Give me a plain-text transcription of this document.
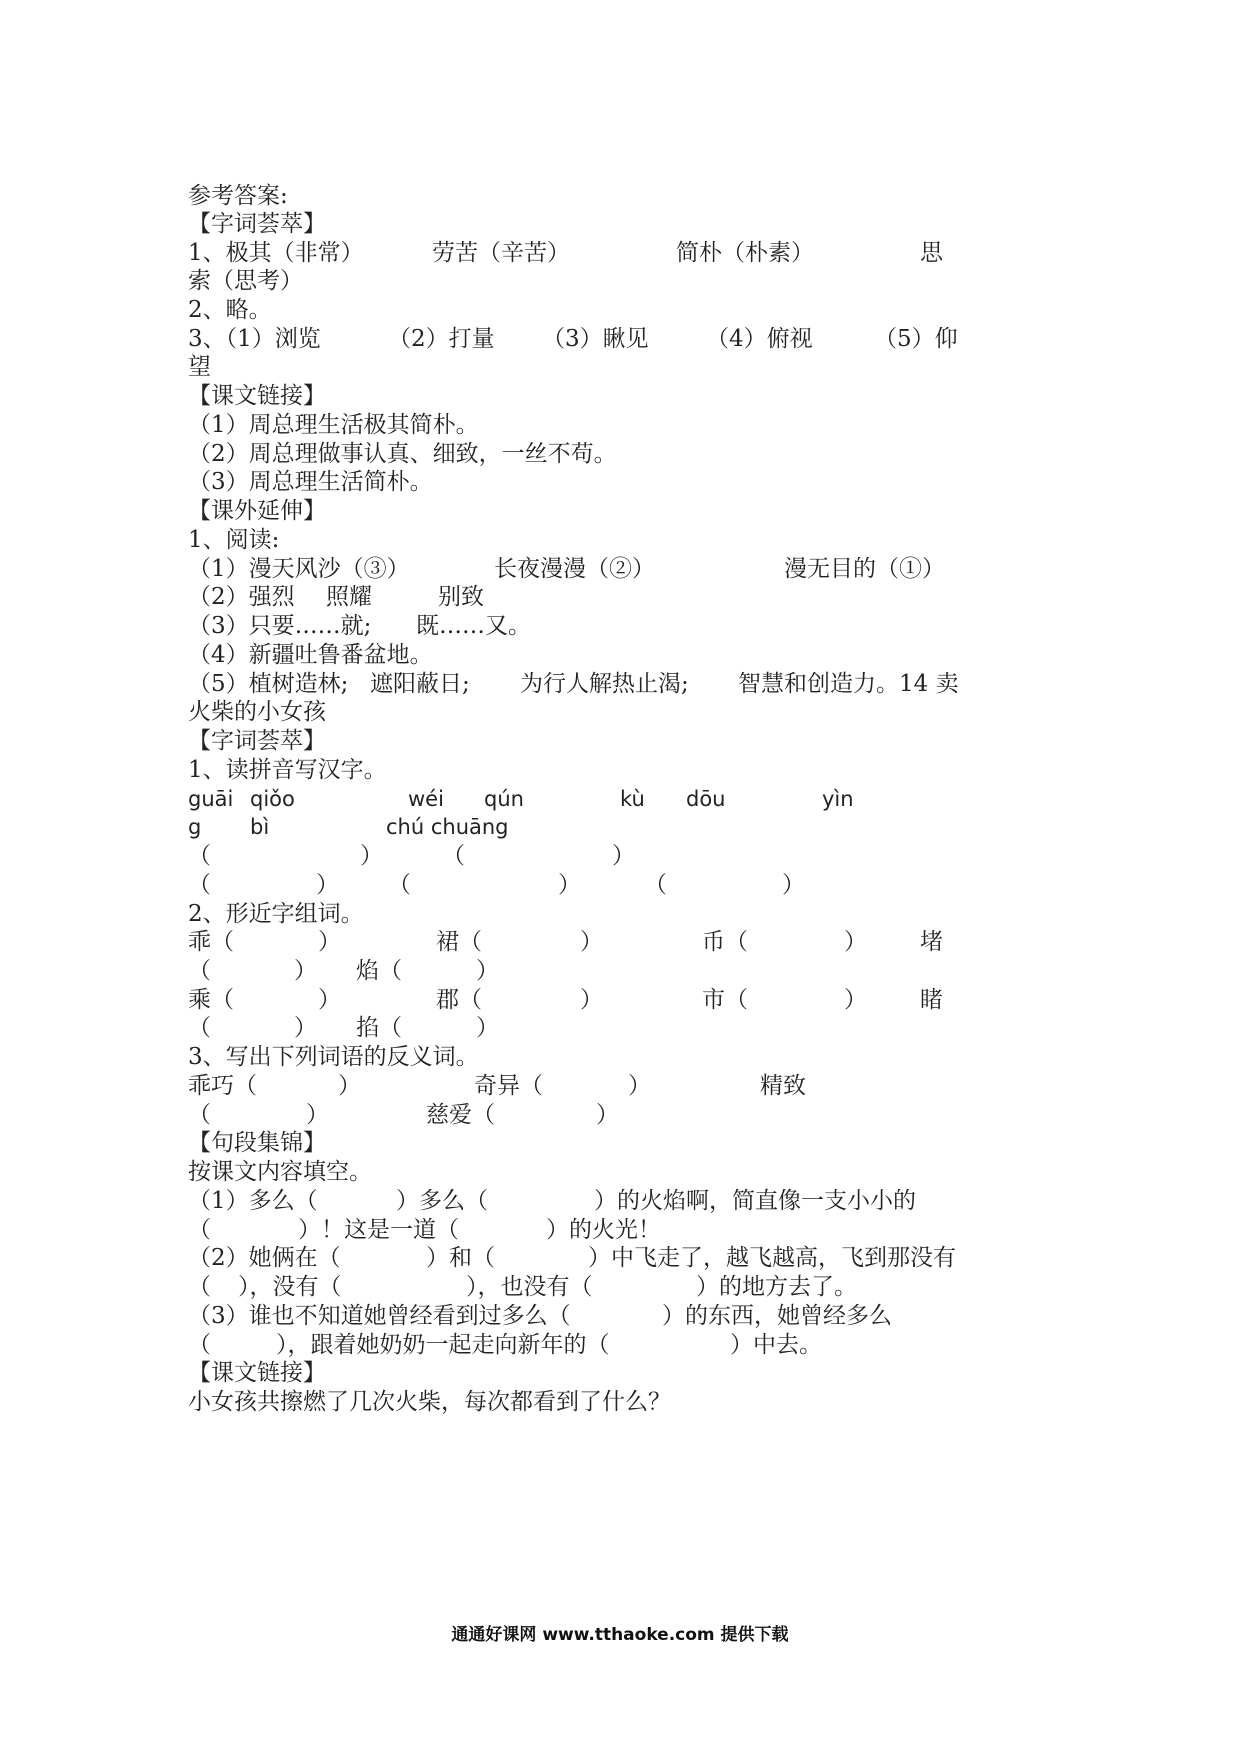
参考答案:
【字词荟萃】
1、极其（非常）	劳苦（辛苦）	简朴（朴素）	思
索（思考）
2、略。
3、（1）浏览	（2）打量 （3）瞅见 （4）俯视	（5）仰
望
【课文链接】
（1）周总理生活极其简朴。
（2）周总理做事认真、细致，一丝不苟。
（3）周总理生活简朴。
【课外延伸】
1、阅读:
（1）漫天风沙（③）	长夜漫漫（②）	漫无目的（①）
（2）强烈 照耀	别致
（3）只要……就; 既……又。
（4）新疆吐鲁番盆地。
（5）植树造林; 遮阳蔽日; 为行人解热止渴; 智慧和创造力。14 卖
火柴的小女孩
【字词荟萃】
1、读拼音写汉字。
guāi qiǒo	wéi qún	kù dōu	yìn
g bì	chú chuāng
（	）	（	）
（	） （	）	（	）
2、形近字组词。
乖（	）	裙（	）	币（	） 堵
（	） 焰（	）
乘（	）	郡（	）	市（	） 睹
（	） 掐（	）
3、写出下列词语的反义词。
乖巧（	）	奇异（	）	精致
（	）	慈爱（	）
【句段集锦】
按课文内容填空。
（1）多么（	）多么（	）的火焰啊，简直像一支小小的
（	）！这是一道（	）的火光！
（2）她俩在（	）和（	）中飞走了，越飞越高，飞到那没有
（ ），没有（	），也没有（	）的地方去了。
（3）谁也不知道她曾经看到过多么（	）的东西，她曾经多么
（	），跟着她奶奶一起走向新年的（	）中去。
【课文链接】
小女孩共擦燃了几次火柴，每次都看到了什么？
通通好课网 www.tthaoke.com 提供下载
